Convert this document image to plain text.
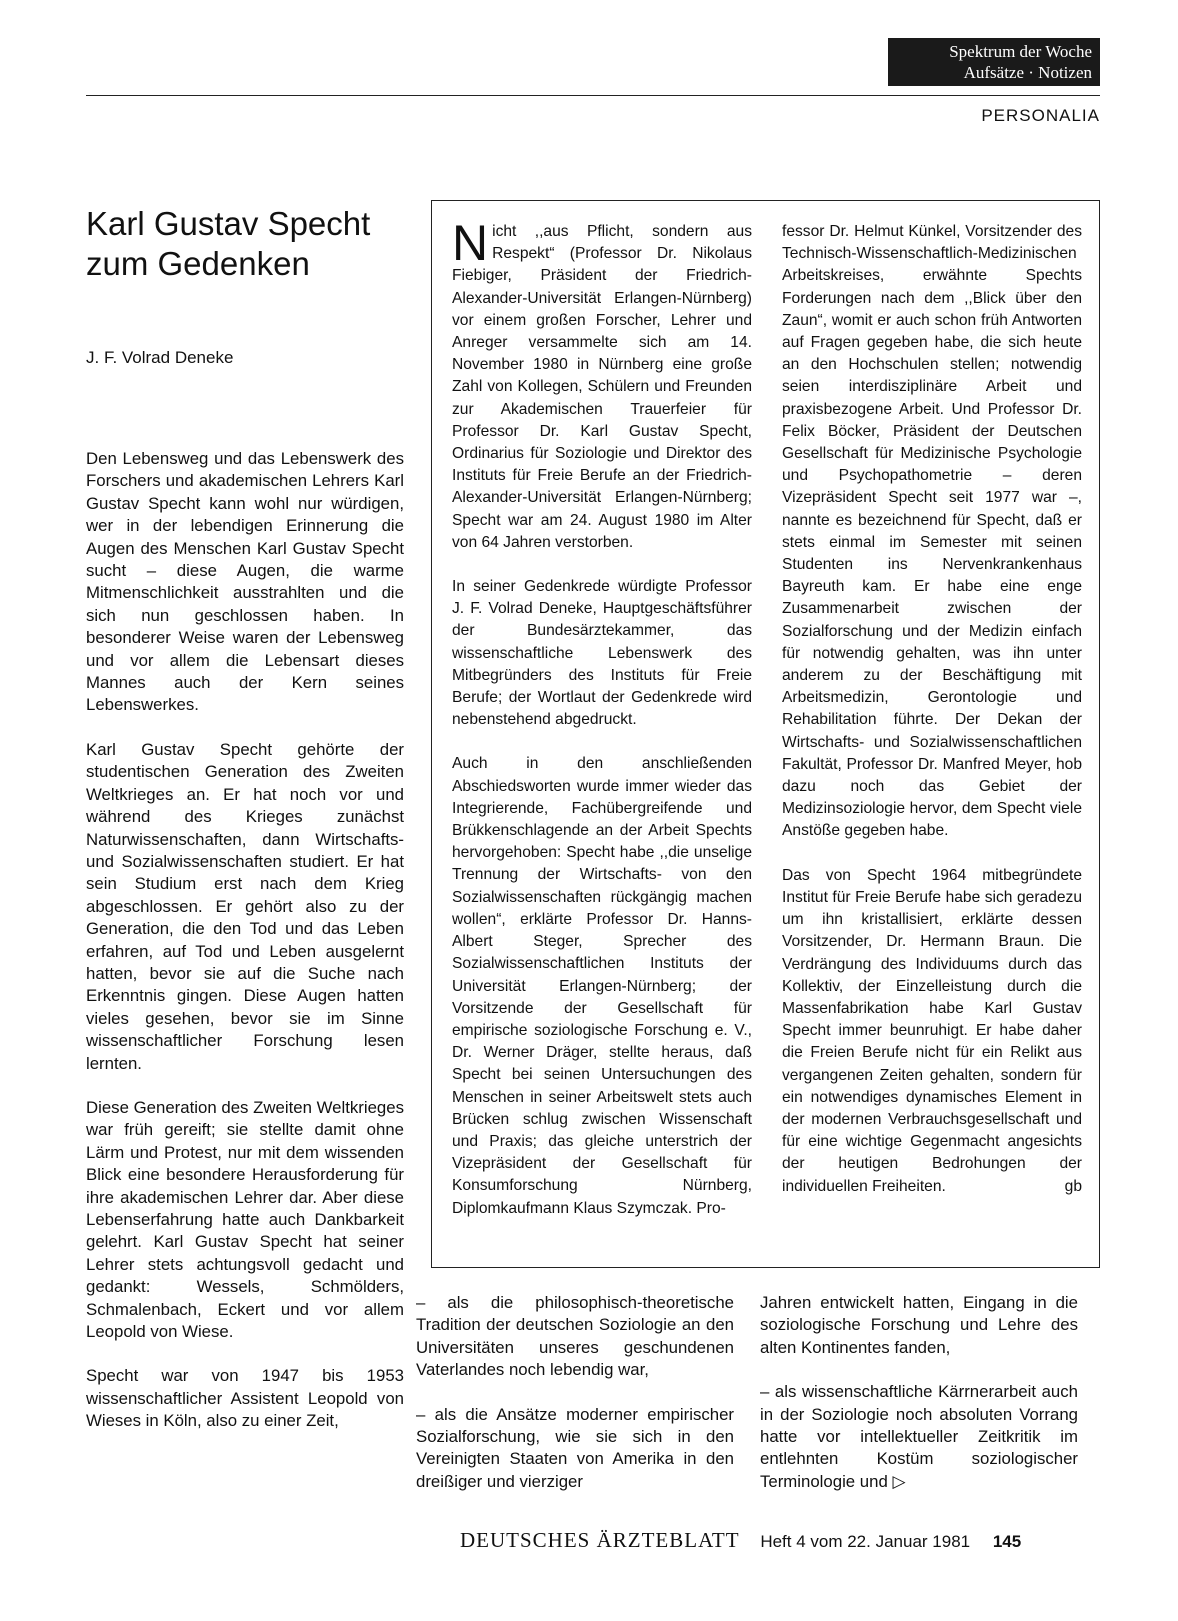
Spektrum der Woche
Aufsätze · Notizen
PERSONALIA
Karl Gustav Specht
zum Gedenken
J. F. Volrad Deneke

Den Lebensweg und das Lebenswerk des Forschers und akademischen Lehrers Karl Gustav Specht kann wohl nur würdigen, wer in der lebendigen Erinnerung die Augen des Menschen Karl Gustav Specht sucht – diese Augen, die warme Mitmenschlichkeit ausstrahlten und die sich nun geschlossen haben. In besonderer Weise waren der Lebensweg und vor allem die Lebensart dieses Mannes auch der Kern seines Lebenswerkes.

Karl Gustav Specht gehörte der studentischen Generation des Zweiten Weltkrieges an. Er hat noch vor und während des Krieges zunächst Naturwissenschaften, dann Wirtschafts- und Sozialwissenschaften studiert. Er hat sein Studium erst nach dem Krieg abgeschlossen. Er gehört also zu der Generation, die den Tod und das Leben erfahren, auf Tod und Leben ausgelernt hatten, bevor sie auf die Suche nach Erkenntnis gingen. Diese Augen hatten vieles gesehen, bevor sie im Sinne wissenschaftlicher Forschung lesen lernten.

Diese Generation des Zweiten Weltkrieges war früh gereift; sie stellte damit ohne Lärm und Protest, nur mit dem wissenden Blick eine besondere Herausforderung für ihre akademischen Lehrer dar. Aber diese Lebenserfahrung hatte auch Dankbarkeit gelehrt. Karl Gustav Specht hat seiner Lehrer stets achtungsvoll gedacht und gedankt: Wessels, Schmölders, Schmalenbach, Eckert und vor allem Leopold von Wiese.

Specht war von 1947 bis 1953 wissenschaftlicher Assistent Leopold von Wieses in Köln, also zu einer Zeit,

Nicht ,,aus Pflicht, sondern aus Respekt“ (Professor Dr. Nikolaus Fiebiger, Präsident der Friedrich-Alexander-Universität Erlangen-Nürnberg) vor einem großen Forscher, Lehrer und Anreger versammelte sich am 14. November 1980 in Nürnberg eine große Zahl von Kollegen, Schülern und Freunden zur Akademischen Trauerfeier für Professor Dr. Karl Gustav Specht, Ordinarius für Soziologie und Direktor des Instituts für Freie Berufe an der Friedrich-Alexander-Universität Erlangen-Nürnberg; Specht war am 24. August 1980 im Alter von 64 Jahren verstorben.

In seiner Gedenkrede würdigte Professor J. F. Volrad Deneke, Hauptgeschäftsführer der Bundesärztekammer, das wissenschaftliche Lebenswerk des Mitbegründers des Instituts für Freie Berufe; der Wortlaut der Gedenkrede wird nebenstehend abgedruckt.

Auch in den anschließenden Abschiedsworten wurde immer wieder das Integrierende, Fachübergreifende und Brükkenschlagende an der Arbeit Spechts hervorgehoben: Specht habe ,,die unselige Trennung der Wirtschafts- von den Sozialwissenschaften rückgängig machen wollen“, erklärte Professor Dr. Hanns-Albert Steger, Sprecher des Sozialwissenschaftlichen Instituts der Universität Erlangen-Nürnberg; der Vorsitzende der Gesellschaft für empirische soziologische Forschung e. V., Dr. Werner Dräger, stellte heraus, daß Specht bei seinen Untersuchungen des Menschen in seiner Arbeitswelt stets auch Brücken schlug zwischen Wissenschaft und Praxis; das gleiche unterstrich der Vizepräsident der Gesellschaft für Konsumforschung Nürnberg, Diplomkaufmann Klaus Szymczak. Pro-

fessor Dr. Helmut Künkel, Vorsitzender des Technisch-Wissenschaftlich-Medizinischen Arbeitskreises, erwähnte Spechts Forderungen nach dem ,,Blick über den Zaun“, womit er auch schon früh Antworten auf Fragen gegeben habe, die sich heute an den Hochschulen stellen; notwendig seien interdisziplinäre Arbeit und praxisbezogene Arbeit. Und Professor Dr. Felix Böcker, Präsident der Deutschen Gesellschaft für Medizinische Psychologie und Psychopathometrie – deren Vizepräsident Specht seit 1977 war –, nannte es bezeichnend für Specht, daß er stets einmal im Semester mit seinen Studenten ins Nervenkrankenhaus Bayreuth kam. Er habe eine enge Zusammenarbeit zwischen der Sozialforschung und der Medizin einfach für notwendig gehalten, was ihn unter anderem zu der Beschäftigung mit Arbeitsmedizin, Gerontologie und Rehabilitation führte. Der Dekan der Wirtschafts- und Sozialwissenschaftlichen Fakultät, Professor Dr. Manfred Meyer, hob dazu noch das Gebiet der Medizinsoziologie hervor, dem Specht viele Anstöße gegeben habe.

Das von Specht 1964 mitbegründete Institut für Freie Berufe habe sich geradezu um ihn kristallisiert, erklärte dessen Vorsitzender, Dr. Hermann Braun. Die Verdrängung des Individuums durch das Kollektiv, der Einzelleistung durch die Massenfabrikation habe Karl Gustav Specht immer beunruhigt. Er habe daher die Freien Berufe nicht für ein Relikt aus vergangenen Zeiten gehalten, sondern für ein notwendiges dynamisches Element in der modernen Verbrauchsgesellschaft und für eine wichtige Gegenmacht angesichts der heutigen Bedrohungen der individuellen Freiheiten.	gb

– als die philosophisch-theoretische Tradition der deutschen Soziologie an den Universitäten unseres geschundenen Vaterlandes noch lebendig war,

– als die Ansätze moderner empirischer Sozialforschung, wie sie sich in den Vereinigten Staaten von Amerika in den dreißiger und vierziger

Jahren entwickelt hatten, Eingang in die soziologische Forschung und Lehre des alten Kontinentes fanden,

– als wissenschaftliche Kärrnerarbeit auch in der Soziologie noch absoluten Vorrang hatte vor intellektueller Zeitkritik im entlehnten Kostüm soziologischer Terminologie und ▷

DEUTSCHES ÄRZTEBLATT Heft 4 vom 22. Januar 1981 145
